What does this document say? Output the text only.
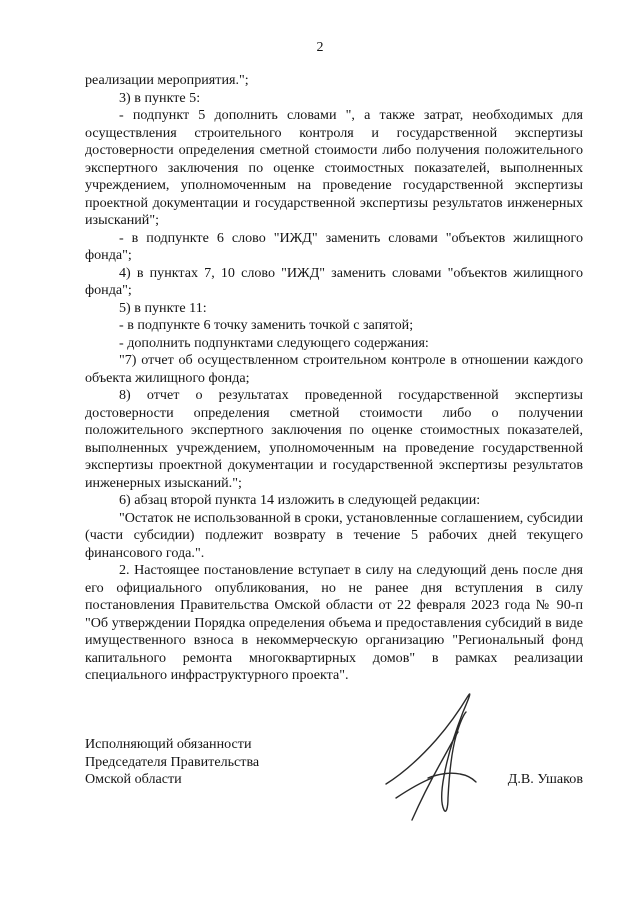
2

реализации мероприятия.";

3) в пункте 5:

- подпункт 5 дополнить словами ", а также затрат, необходимых для осуществления строительного контроля и государственной экспертизы достоверности определения сметной стоимости либо получения положительного экспертного заключения по оценке стоимостных показателей, выполненных учреждением, уполномоченным на проведение государственной экспертизы проектной документации и государственной экспертизы результатов инженерных изысканий";

- в подпункте 6 слово "ИЖД" заменить словами "объектов жилищного фонда";

4) в пунктах 7, 10 слово "ИЖД" заменить словами "объектов жилищного фонда";

5) в пункте 11:

- в подпункте 6 точку заменить точкой с запятой;

- дополнить подпунктами следующего содержания:

"7) отчет об осуществленном строительном контроле в отношении каждого объекта жилищного фонда;

8) отчет о результатах проведенной государственной экспертизы достоверности определения сметной стоимости либо о получении положительного экспертного заключения по оценке стоимостных показателей, выполненных учреждением, уполномоченным на проведение государственной экспертизы проектной документации и государственной экспертизы результатов инженерных изысканий.";

6) абзац второй пункта 14 изложить в следующей редакции:

"Остаток не использованной в сроки, установленные соглашением, субсидии (части субсидии) подлежит возврату в течение 5 рабочих дней текущего финансового года.".

2. Настоящее постановление вступает в силу на следующий день после дня его официального опубликования, но не ранее дня вступления в силу постановления Правительства Омской области от 22 февраля 2023 года № 90-п "Об утверждении Порядка определения объема и предоставления субсидий в виде имущественного взноса в некоммерческую организацию "Региональный фонд капитального ремонта многоквартирных домов" в рамках реализации специального инфраструктурного проекта".

Исполняющий обязанности
Председателя Правительства
Омской области	Д.В. Ушаков
